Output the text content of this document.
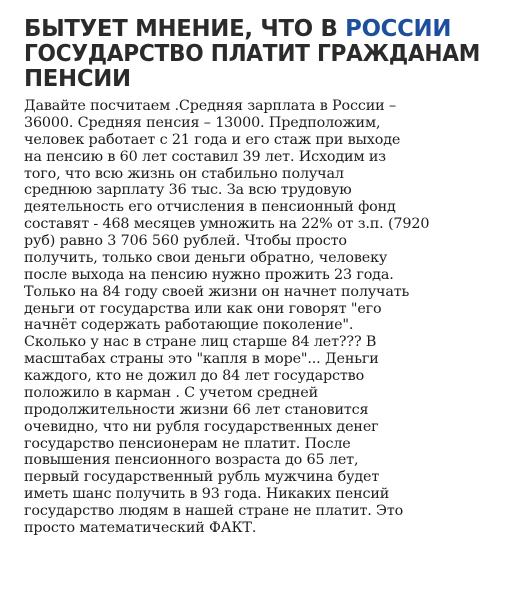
БЫТУЕТ МНЕНИЕ, ЧТО В РОССИИ
ГОСУДАРСТВО ПЛАТИТ ГРАЖДАНАМ
ПЕНСИИ
Давайте посчитаем .Средняя зарплата в России –
36000. Средняя пенсия – 13000. Предположим,
человек работает с 21 года и его стаж при выходе
на пенсию в 60 лет составил 39 лет. Исходим из
того, что всю жизнь он стабильно получал
среднюю зарплату 36 тыс. За всю трудовую
деятельность его отчисления в пенсионный фонд
составят - 468 месяцев умножить на 22% от з.п. (7920
руб) равно 3 706 560 рублей. Чтобы просто
получить, только свои деньги обратно, человеку
после выхода на пенсию нужно прожить 23 года.
Только на 84 году своей жизни он начнет получать
деньги от государства или как они говорят "его
начнёт содержать работающие поколение".
Сколько у нас в стране лиц старше 84 лет??? В
масштабах страны это "капля в море"... Деньги
каждого, кто не дожил до 84 лет государство
положило в карман . С учетом средней
продолжительности жизни 66 лет становится
очевидно, что ни рубля государственных денег
государство пенсионерам не платит. После
повышения пенсионного возраста до 65 лет,
первый государственный рубль мужчина будет
иметь шанс получить в 93 года. Никаких пенсий
государство людям в нашей стране не платит. Это
просто математический ФАКТ.
